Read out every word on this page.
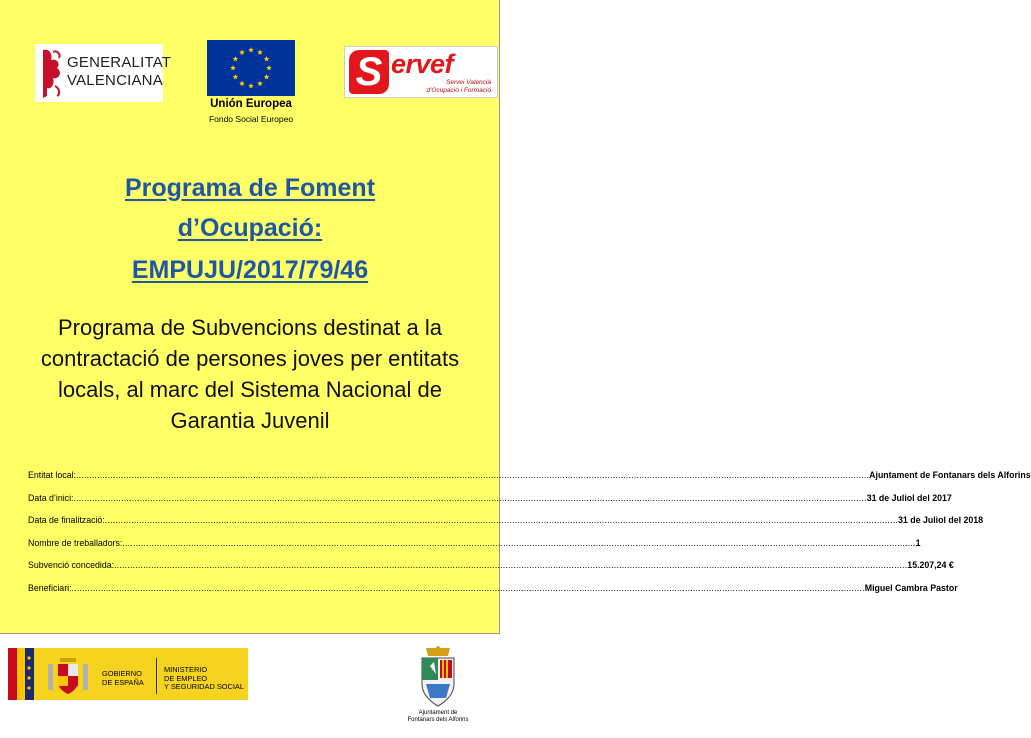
GENERALITAT
VALENCIANA
Unión Europea
Fondo Social Europeo
S ervef
Servei Valencià
d'Ocupació i Formació
Programa de Foment
d’Ocupació:
EMPUJU/2017/79/46
Programa de Subvencions destinat a la contractació de persones joves per entitats locals, al marc del Sistema Nacional de Garantia Juvenil
Entitat local: ............................................................................................................................................................................................................................................................................................................ Ajuntament de Fontanars dels Alforins
Data d’inici: ............................................................................................................................................................................................................................................................................................................ 31 de Juliol del 2017
Data de finalització: ............................................................................................................................................................................................................................................................................................................ 31 de Juliol del 2018
Nombre de treballadors: ............................................................................................................................................................................................................................................................................................................ 1
Subvenció concedida: ............................................................................................................................................................................................................................................................................................................ 15.207,24 €
Beneficiari: ............................................................................................................................................................................................................................................................................................................ Miguel Cambra Pastor
GOBIERNO
DE ESPAÑA
MINISTERIO
DE EMPLEO
Y SEGURIDAD SOCIAL
Ajuntament de
Fontanars dels Alforins
